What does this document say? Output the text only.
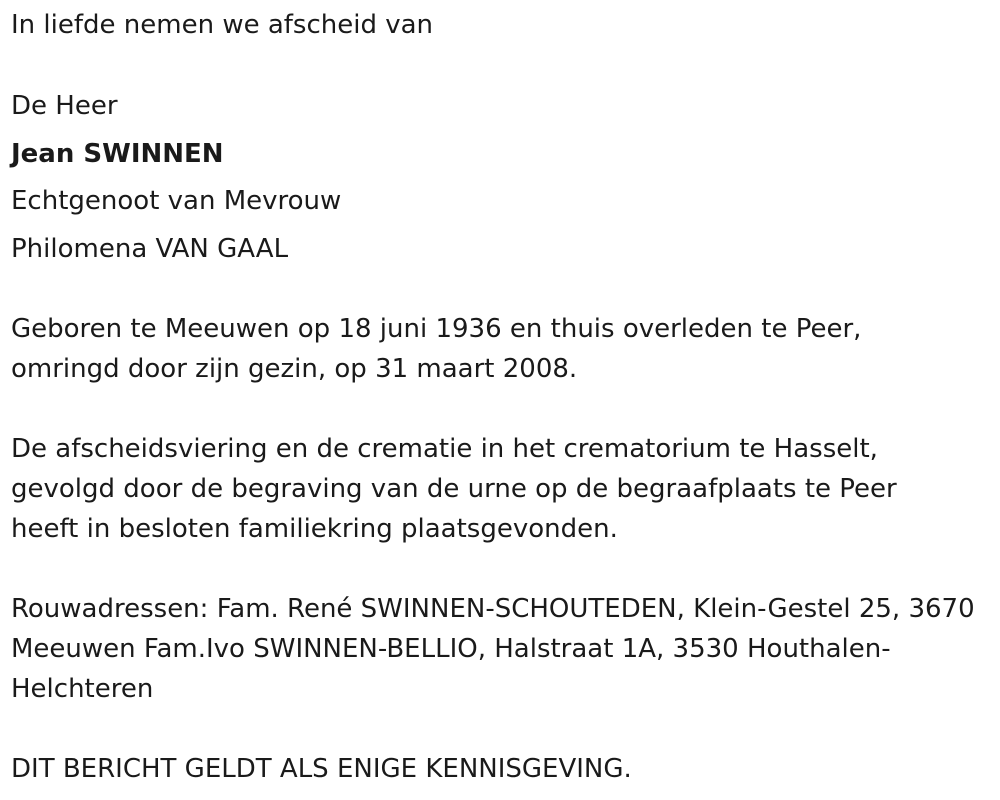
In liefde nemen we afscheid van

De Heer

Jean SWINNEN

Echtgenoot van Mevrouw

Philomena VAN GAAL

Geboren te Meeuwen op 18 juni 1936 en thuis overleden te Peer,

omringd door zijn gezin, op 31 maart 2008.

De afscheidsviering en de crematie in het crematorium te Hasselt,

gevolgd door de begraving van de urne op de begraafplaats te Peer

heeft in besloten familiekring plaatsgevonden.

Rouwadressen: Fam. René SWINNEN-SCHOUTEDEN, Klein-Gestel 25, 3670

Meeuwen Fam.Ivo SWINNEN-BELLIO, Halstraat 1A, 3530 Houthalen-

Helchteren

DIT BERICHT GELDT ALS ENIGE KENNISGEVING.
